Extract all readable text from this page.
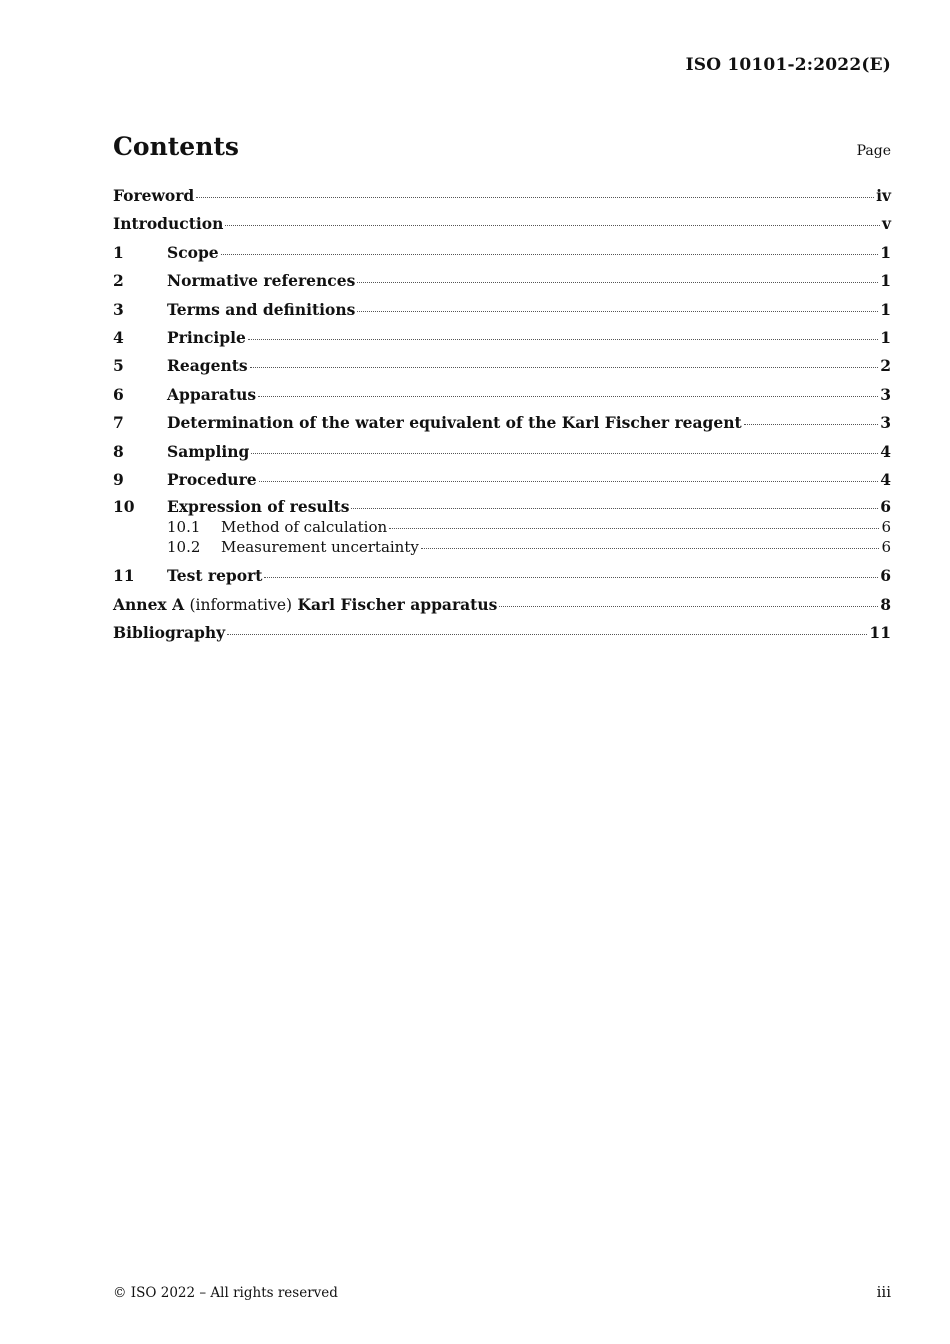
ISO 10101-2:2022(E)
Contents	Page
Foreword	iv
Introduction	v
1	Scope	1
2	Normative references	1
3	Terms and definitions	1
4	Principle	1
5	Reagents	2
6	Apparatus	3
7	Determination of the water equivalent of the Karl Fischer reagent	3
8	Sampling	4
9	Procedure	4
10	Expression of results	6
10.1	Method of calculation	6
10.2	Measurement uncertainty	6
11	Test report	6
Annex A (informative) Karl Fischer apparatus	8
Bibliography	11
© ISO 2022 – All rights reserved	iii
